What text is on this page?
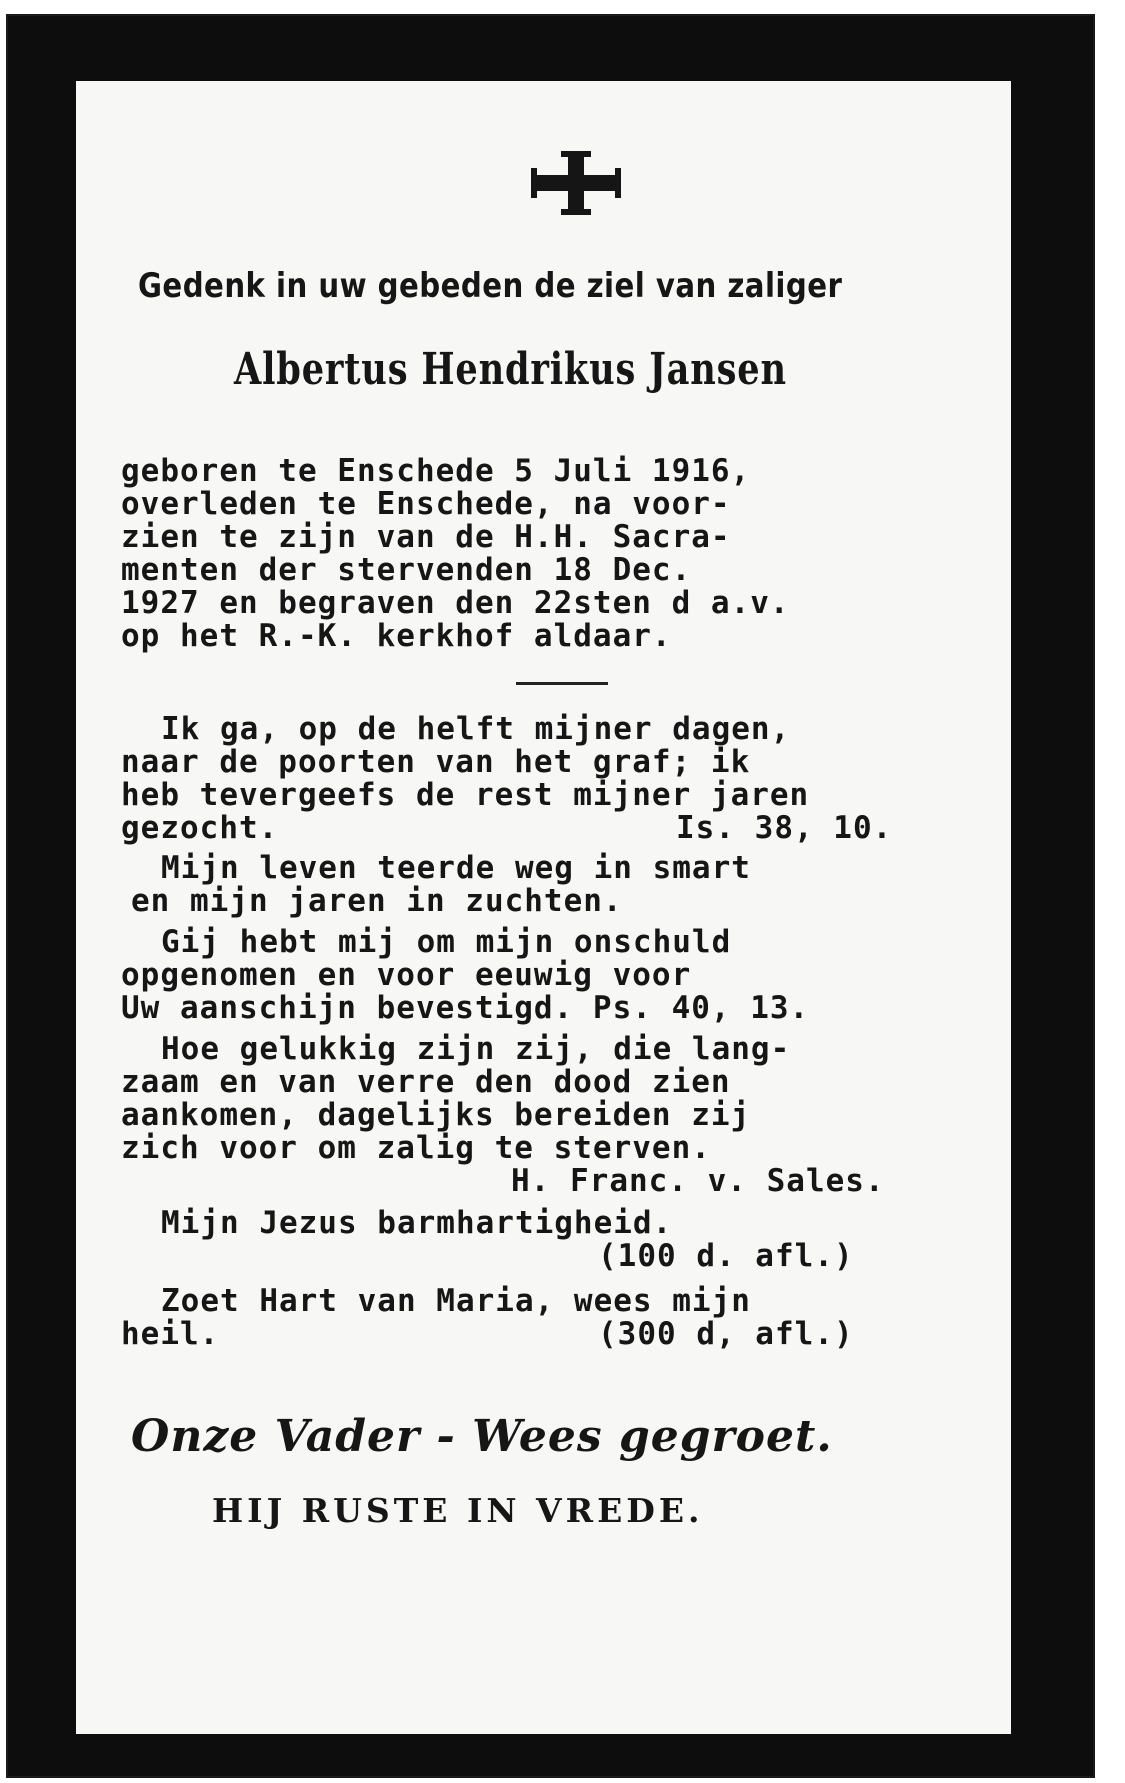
Gedenk in uw gebeden de ziel van zaliger
Albertus Hendrikus Jansen
geboren te Enschede 5 Juli 1916,
overleden te Enschede, na voor-
zien te zijn van de H.H. Sacra-
menten der stervenden 18 Dec.
1927 en begraven den 22sten d a.v.
op het R.-K. kerkhof aldaar.
Ik ga, op de helft mijner dagen,
naar de poorten van het graf; ik
heb tevergeefs de rest mijner jaren
gezocht.	Is. 38, 10.
Mijn leven teerde weg in smart
en mijn jaren in zuchten.
Gij hebt mij om mijn onschuld
opgenomen en voor eeuwig voor
Uw aanschijn bevestigd. Ps. 40, 13.
Hoe gelukkig zijn zij, die lang-
zaam en van verre den dood zien
aankomen, dagelijks bereiden zij
zich voor om zalig te sterven.
H. Franc. v. Sales.
Mijn Jezus barmhartigheid.
(100 d. afl.)
Zoet Hart van Maria, wees mijn
heil.	(300 d, afl.)
Onze Vader - Wees gegroet.
HIJ RUSTE IN VREDE.
